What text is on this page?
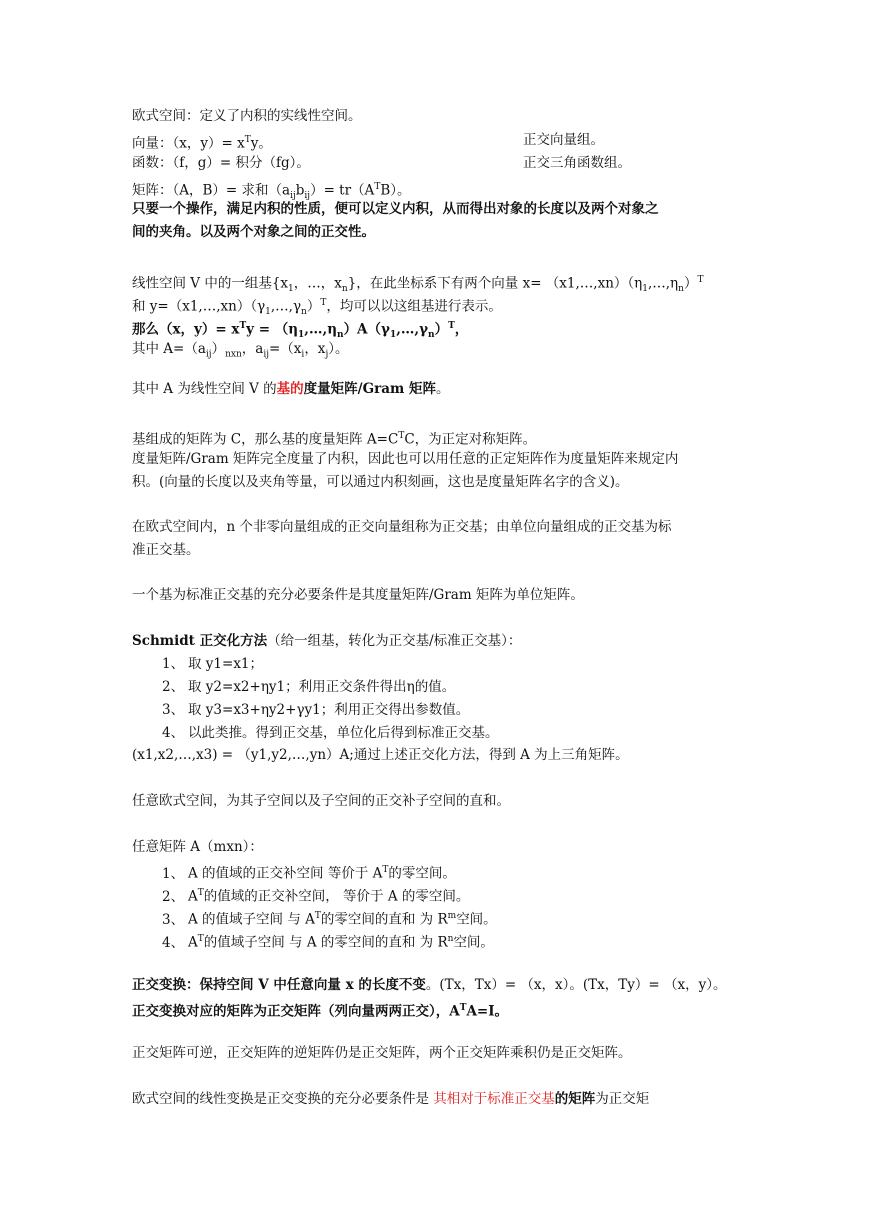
欧式空间：定义了内积的实线性空间。
向量：（x，$y)= x^Ty$。	正交向量组。
函数：（f，g）= 积分（fg）。	正交三角函数组。
矩阵：（A，B）= 求和$(a_{ij}b_{ij})= tr(A^TB)$。
只要一个操作，满足内积的性质，便可以定义内积，从而得出对象的长度以及两个对象之
间的夹角。以及两个对象之间的正交性。
线性空间 V 中的一组基{$x_1$，…，$x_n$}，在此坐标系下有两个向量 $x= (x1,\dots,xn)(\eta_1,\dots,\eta_n)^T$
和 $y=(x1,\dots,xn)(\gamma_1,\dots,\gamma_n)^T$，均可以以这组基进行表示。
那么（x，$y)= x^Ty$ = $(\eta_1,\dots,\eta_n)A(\gamma_1,\dots,\gamma_n)^T$，
其中 $A=(a_{ij})_{nxn}$，$a_{ij}=(x_i$，$x_j$）。
其中 A 为线性空间 V 的基的度量矩阵/Gram 矩阵。
基组成的矩阵为 C，那么基的度量矩阵 $A=C^TC$，为正定对称矩阵。
度量矩阵/Gram 矩阵完全度量了内积，因此也可以用任意的正定矩阵作为度量矩阵来规定内
积。(向量的长度以及夹角等量，可以通过内积刻画，这也是度量矩阵名字的含义)。
在欧式空间内，n 个非零向量组成的正交向量组称为正交基；由单位向量组成的正交基为标
准正交基。
一个基为标准正交基的充分必要条件是其度量矩阵/Gram 矩阵为单位矩阵。
Schmidt 正交化方法（给一组基，转化为正交基/标准正交基）：
1、 取 y1=x1；
2、 取 y2=x2+ηy1；利用正交条件得出η的值。
3、 取 y3=x3+ηy2+γy1；利用正交得出参数值。
4、 以此类推。得到正交基，单位化后得到标准正交基。
(x1,x2,…,x3) = （y1,y2,…,yn）A;通过上述正交化方法，得到 A 为上三角矩阵。
任意欧式空间，为其子空间以及子空间的正交补子空间的直和。
任意矩阵 A（mxn）：
1、 A 的值域的正交补空间 等价于 $A^T$的零空间。
2、 $A^T$的值域的正交补空间， 等价于 A 的零空间。
3、 A 的值域子空间 与 $A^T$的零空间的直和 为 $R^m$空间。
4、 $A^T$的值域子空间 与 A 的零空间的直和 为 $R^n$空间。
正交变换：保持空间 V 中任意向量 x 的长度不变。(Tx，Tx）= （x，x）。(Tx，Ty）= （x，y）。
正交变换对应的矩阵为正交矩阵（列向量两两正交），$A^TA=I$。
正交矩阵可逆，正交矩阵的逆矩阵仍是正交矩阵，两个正交矩阵乘积仍是正交矩阵。
欧式空间的线性变换是正交变换的充分必要条件是 其相对于标准正交基的矩阵为正交矩
